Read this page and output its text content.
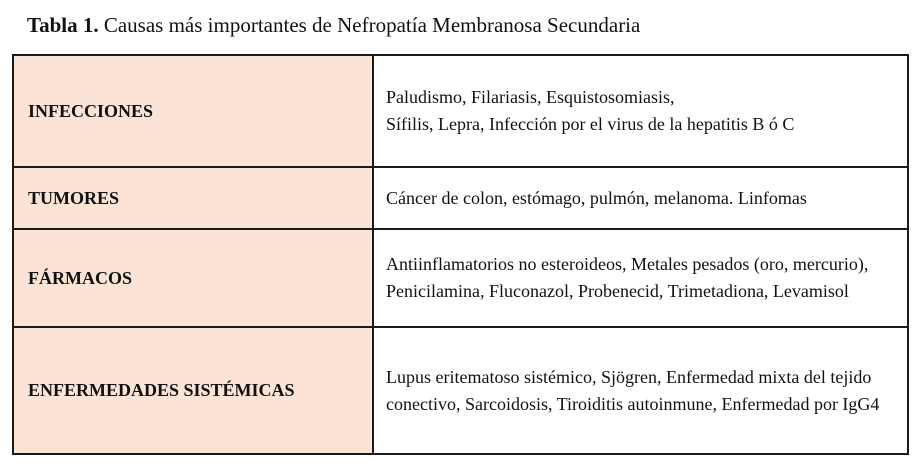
Tabla 1. Causas más importantes de Nefropatía Membranosa Secundaria
INFECCIONES	Paludismo, Filariasis, Esquistosomiasis,

Sífilis, Lepra, Infección por el virus de la hepatitis B ó C

TUMORES	Cáncer de colon, estómago, pulmón, melanoma. Linfomas

FÁRMACOS	Antiinflamatorios no esteroideos, Metales pesados (oro, mercurio), Penicilamina, Fluconazol, Probenecid, Trimetadiona, Levamisol

ENFERMEDADES SISTÉMICAS	Lupus eritematoso sistémico, Sjögren, Enfermedad mixta del tejido conectivo, Sarcoidosis, Tiroiditis autoinmune, Enfermedad por IgG4
